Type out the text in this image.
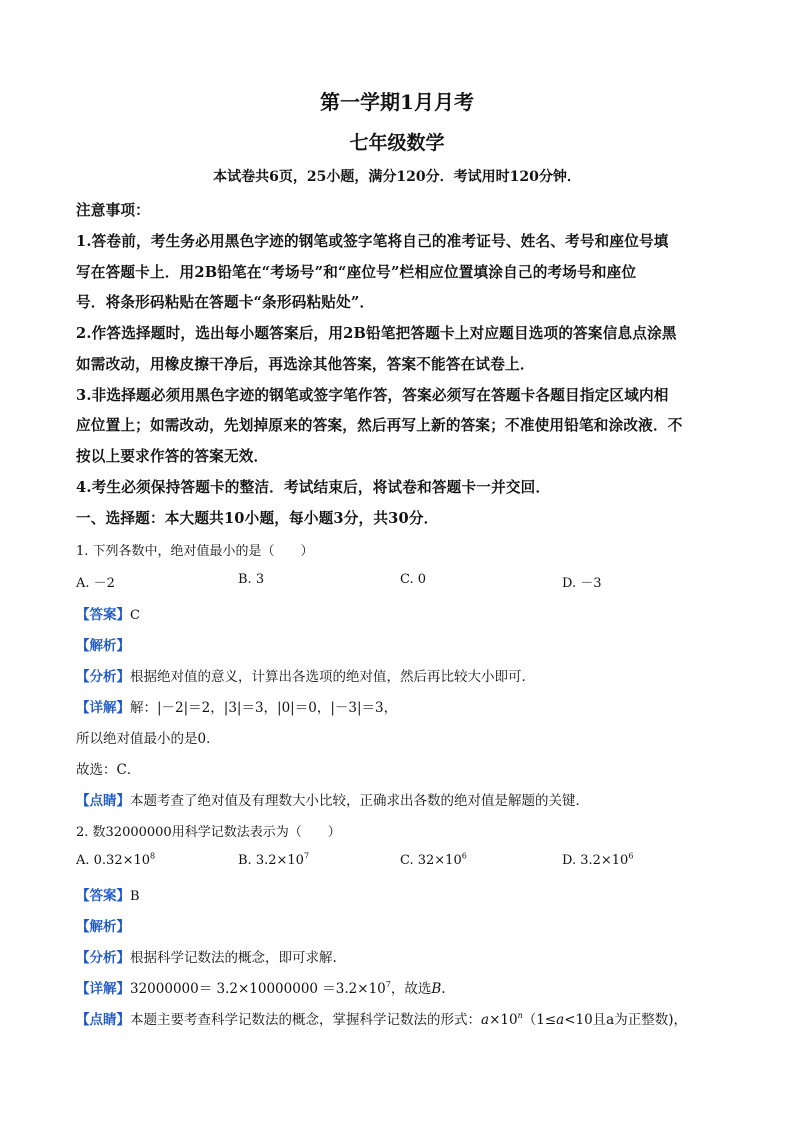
第一学期1月月考
七年级数学
本试卷共6页，25小题，满分120分．考试用时120分钟．
注意事项：
1.答卷前，考生务必用黑色字迹的钢笔或签字笔将自己的准考证号、姓名、考号和座位号填
写在答题卡上．用2B铅笔在“考场号”和“座位号”栏相应位置填涂自己的考场号和座位
号．将条形码粘贴在答题卡“条形码粘贴处”．
2.作答选择题时，选出每小题答案后，用2B铅笔把答题卡上对应题目选项的答案信息点涂黑
如需改动，用橡皮擦干净后，再选涂其他答案，答案不能答在试卷上．
3.非选择题必须用黑色字迹的钢笔或签字笔作答，答案必须写在答题卡各题目指定区域内相
应位置上；如需改动，先划掉原来的答案，然后再写上新的答案；不准使用铅笔和涂改液．不
按以上要求作答的答案无效．
4.考生必须保持答题卡的整洁．考试结束后，将试卷和答题卡一并交回．
一、选择题：本大题共10小题，每小题3分，共30分．
1. 下列各数中，绝对值最小的是（　　）
A. －2	B. 3	C. 0	D. －3
【答案】C
【解析】
【分析】根据绝对值的意义，计算出各选项的绝对值，然后再比较大小即可．
【详解】解：|－2|＝2，|3|＝3，|0|＝0，|－3|＝3，
所以绝对值最小的是0．
故选：C．
【点睛】本题考查了绝对值及有理数大小比较，正确求出各数的绝对值是解题的关键．
2. 数32000000用科学记数法表示为（　　）
A. $0.32\times 10^8$	B. $3.2\times 10^7$	C. $32\times 10^6$	D. $3.2\times 10^6$
【答案】B
【解析】
【分析】根据科学记数法的概念，即可求解.
【详解】$32000000= 3.2\times 10000000 =3.2\times 10^7$，故选B.
【点睛】本题主要考查科学记数法的概念，掌握科学记数法的形式：$a\times 10^n(1\le a<10$且a为正整数)，
